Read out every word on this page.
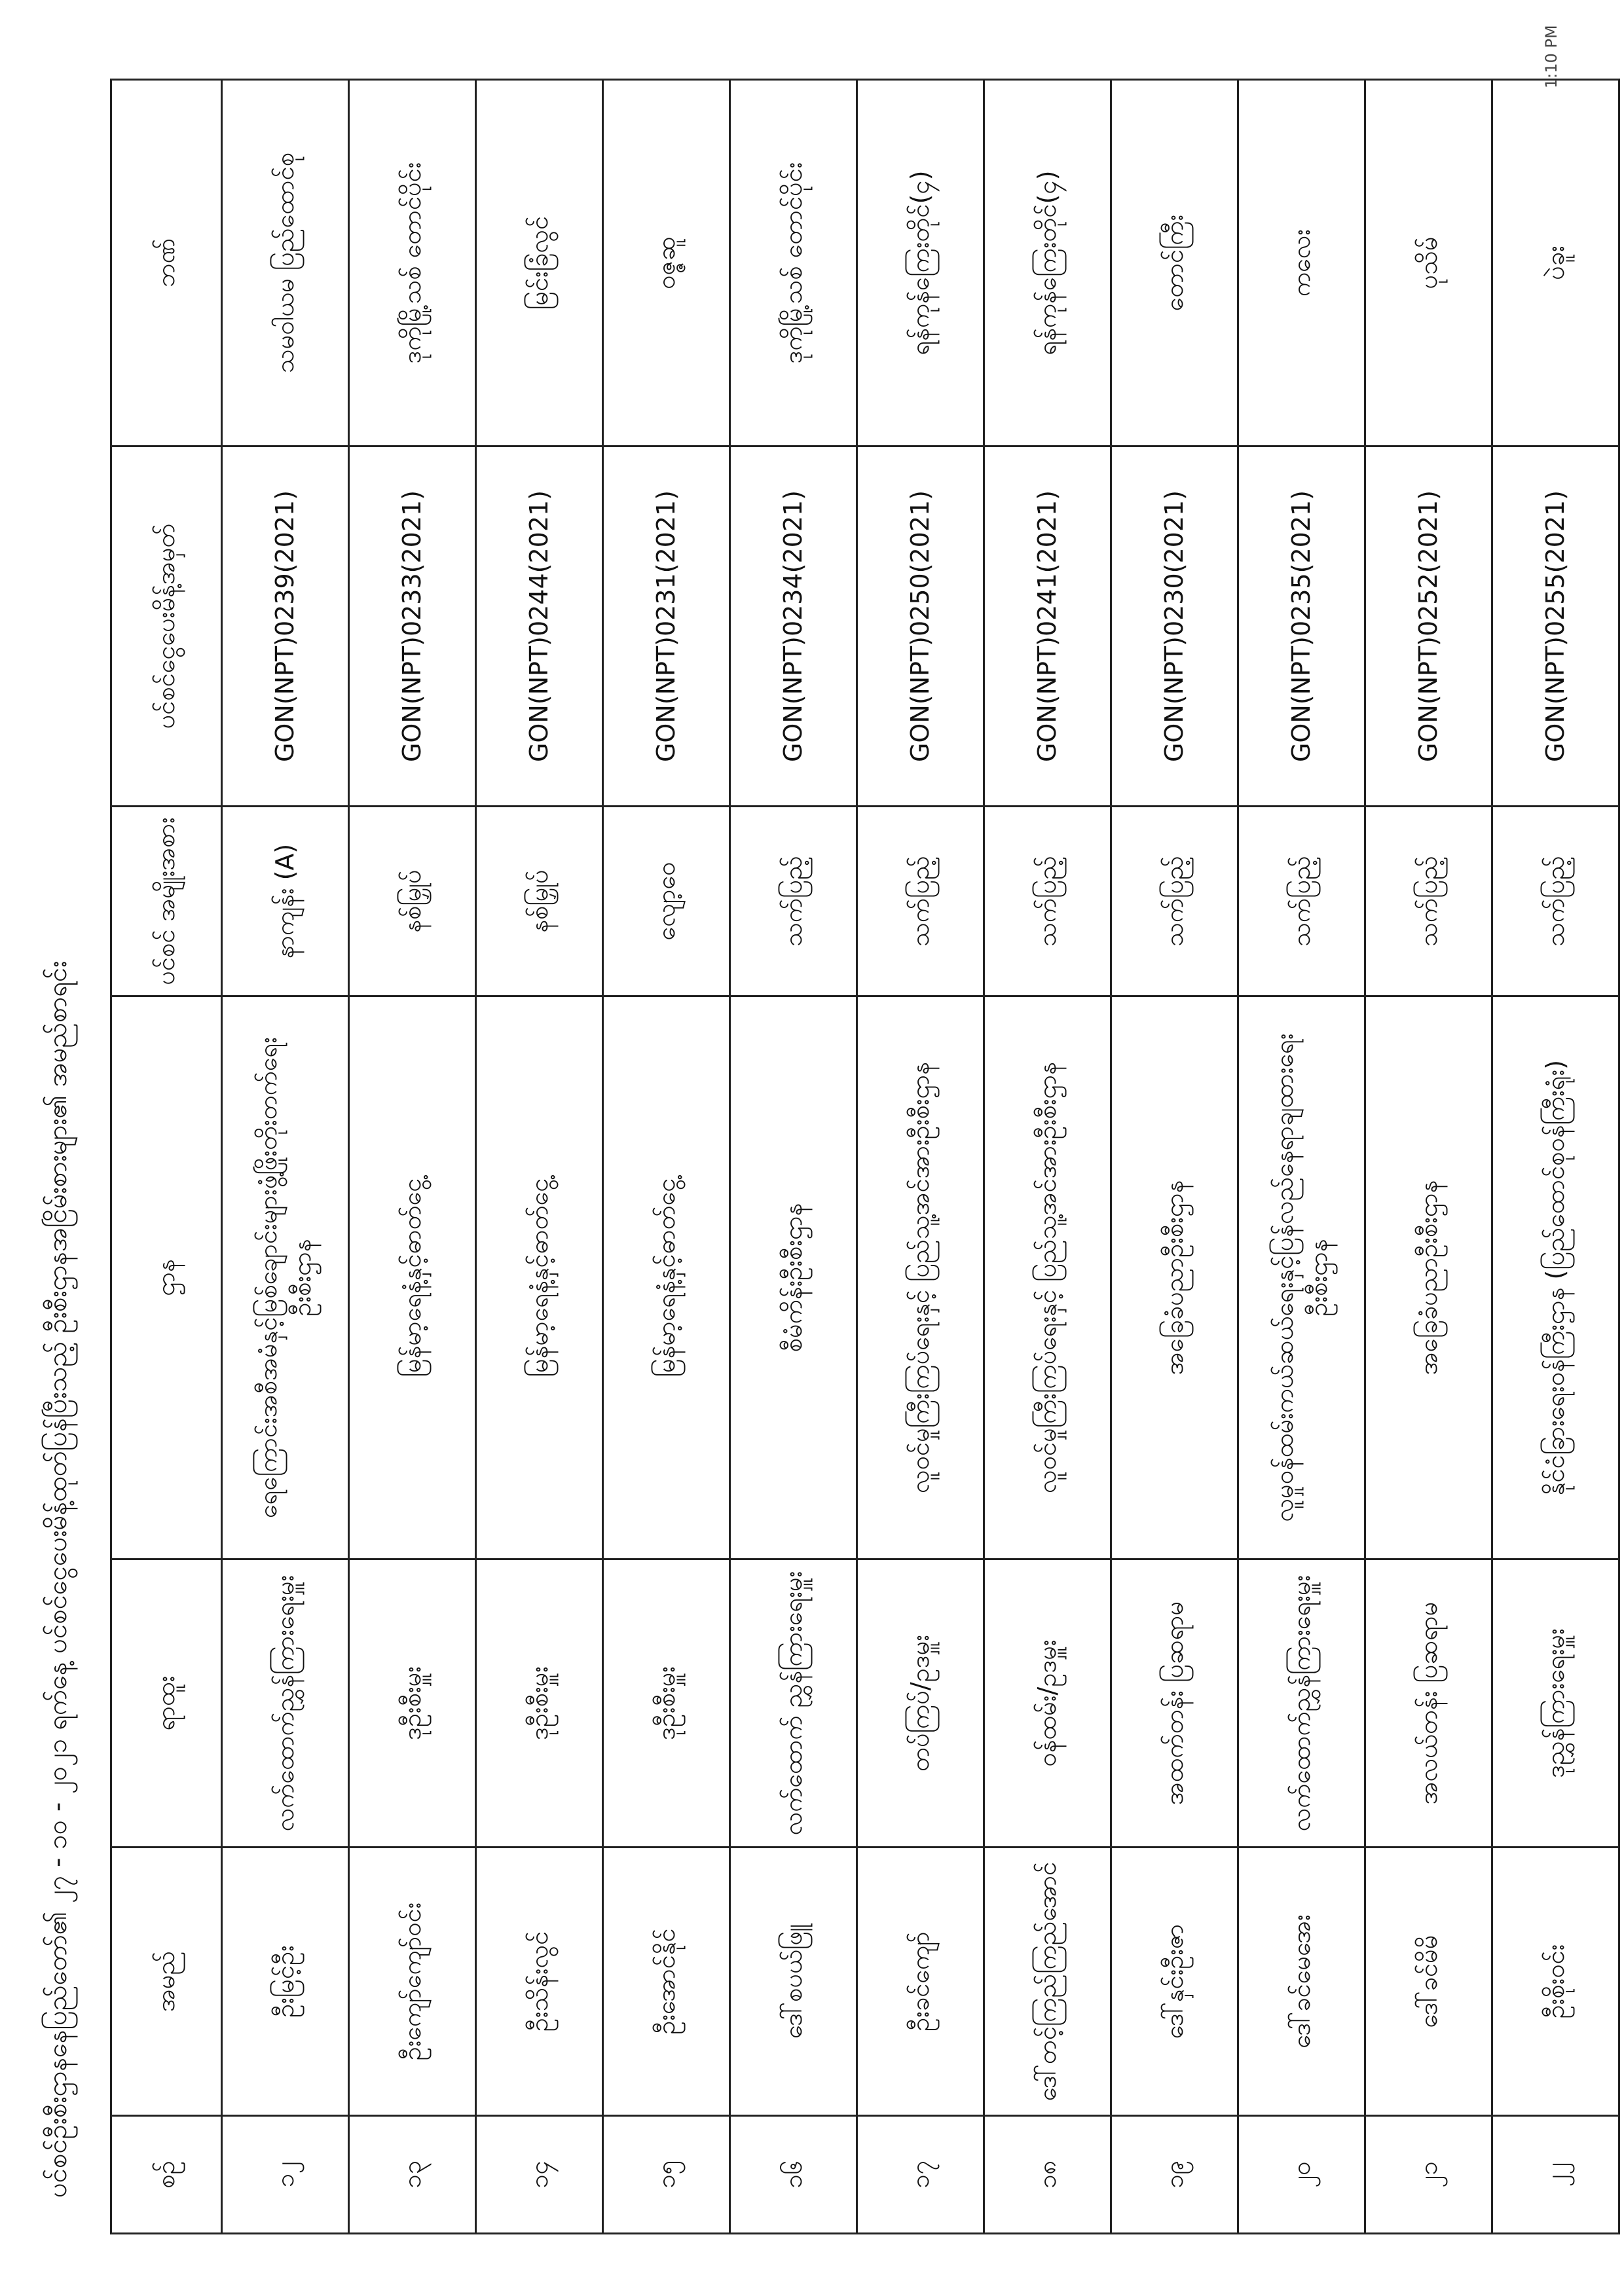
ပင်စင်ဦးစီးဌာနနေပြည်တော်၏ ၂၇ - ၁၀ - ၂၀၂၁ ရက်နေ့ ပင်စင်ငွေပေးမိန့်ထုတ်ပြန်ပြီးသည့် ဦးစီးဌာနအငြိမ်းစားများ၏ အမည်စာရင်း	စဉ်	အမည်	ရာထူး	ဌာန	ပင်စင် အမျိုးအစား	ပင်စင်ငွေပေးမိန့်အမှတ်	ဘဏ်
၁၂	ဦးမြင့်ဦး	လက်ထောက်ညွှန်ကြားရေးမှူး	ရေကြောင်းအစီအမံနှင့်မြစ်ချောင်းများဖွံ့ဖြိုးတိုးတက်ရေးဦးစီးဌာန	နာကျန်း (A)	GON(NPT)0239(2021)	သမဝါယမ ပြည်ထောင်စု
၁၃	ဦးကျော်ကျော်ဝင်း	ဒုဦးစီးမှူး	မြန်မာ့ရေနံ့နှင့်ဓာတ်ငွေ့	နစ်မြှုပ်	GON(NPT)0233(2021)	ဒုကိုမြို့သစ် တောင်ပိုင်း
၁၄	ဦးသိန်းလွင်	ဒုဦးစီးမှူး	မြန်မာ့ရေနံ့နှင့်ဓာတ်ငွေ့	နစ်မြှုပ်	GON(NPT)0244(2021)	မြင်းခြံလွင်
၁၅	ဦးအောင်နိုင်	ဒုဦးစီးမှူး	မြန်မာ့ရေနံ့နှင့်ဓာတ်ငွေ့	လျော့ဝေ	GON(NPT)0231(2021)	ဝဇ္ဇဆူ
၁၆	ဒေါ်စပယ်ဖြူ	လက်ထောက် ညွှန်ကြားရေးမှူး	စီမံကိန်းဦးစီးဌာန	သက်ပြည့်	GON(NPT)0234(2021)	ဒုကိုမြို့သစ် တောင်ပိုင်း
၁၇	ဦးခင်ကျော်	တပ်ကြပ်/ဥဒမှူး	လူဝင်မှုကြီးကြပ်ရေးနှင့် ပြည်သူ့အင်အားဦးစီးဌာန	သက်ပြည့်	GON(NPT)0250(2021)	ရန်ကုန်ကြေးတိုင်(၄)
၁၈	ဒေါ်တင့်ကြည်ကြည်အောင်	ဝန်ထမ်း/ဥဒမှူး	လူဝင်မှုကြီးကြပ်ရေးနှင့် ပြည်သူ့အင်အားဦးစီးဌာန	သက်ပြည့်	GON(NPT)0241(2021)	ရန်ကုန်ကြေးတိုင်(၄)
၁၉	ဒေါ်နှင်းဦးဇာ	အထက်တန်း ပြဆရာမ	အခြေခံပညာဦးစီးဌာန	သက်ပြည့်	GON(NPT)0230(2021)	တောင်ကြီး
၂၀	ဒေါ်ခင်မေအေး	လက်ထောက်ညွှန်ကြားရေးမှူး	လူမှုဝန်ထမ်းကယ်ဆယ်ရေးနှင့်ပြန်လည်နေရာချထားရေးဦးစီးဌာန	သက်ပြည့်	GON(NPT)0235(2021)	ကလေး
၂၁	ဒေါ်ခင်မိမိ	အလယ်တန်း ပြဆရာမ	အခြေခံပညာဦးစီးဌာန	သက်ပြည့်	GON(NPT)0252(2021)	ပုသိမ်
၂၂	ဦးစိုးဝင်း	ဒုညွှန်ကြားရေးမှူး	နိုင်ငံခြားရေးဝန်ကြီးဌာန (ပြည်ထောင်စုဝန်ကြီးရုံး)	သက်ပြည့်	GON(NPT)0255(2021)	ပဲခူး
1:10 PM
